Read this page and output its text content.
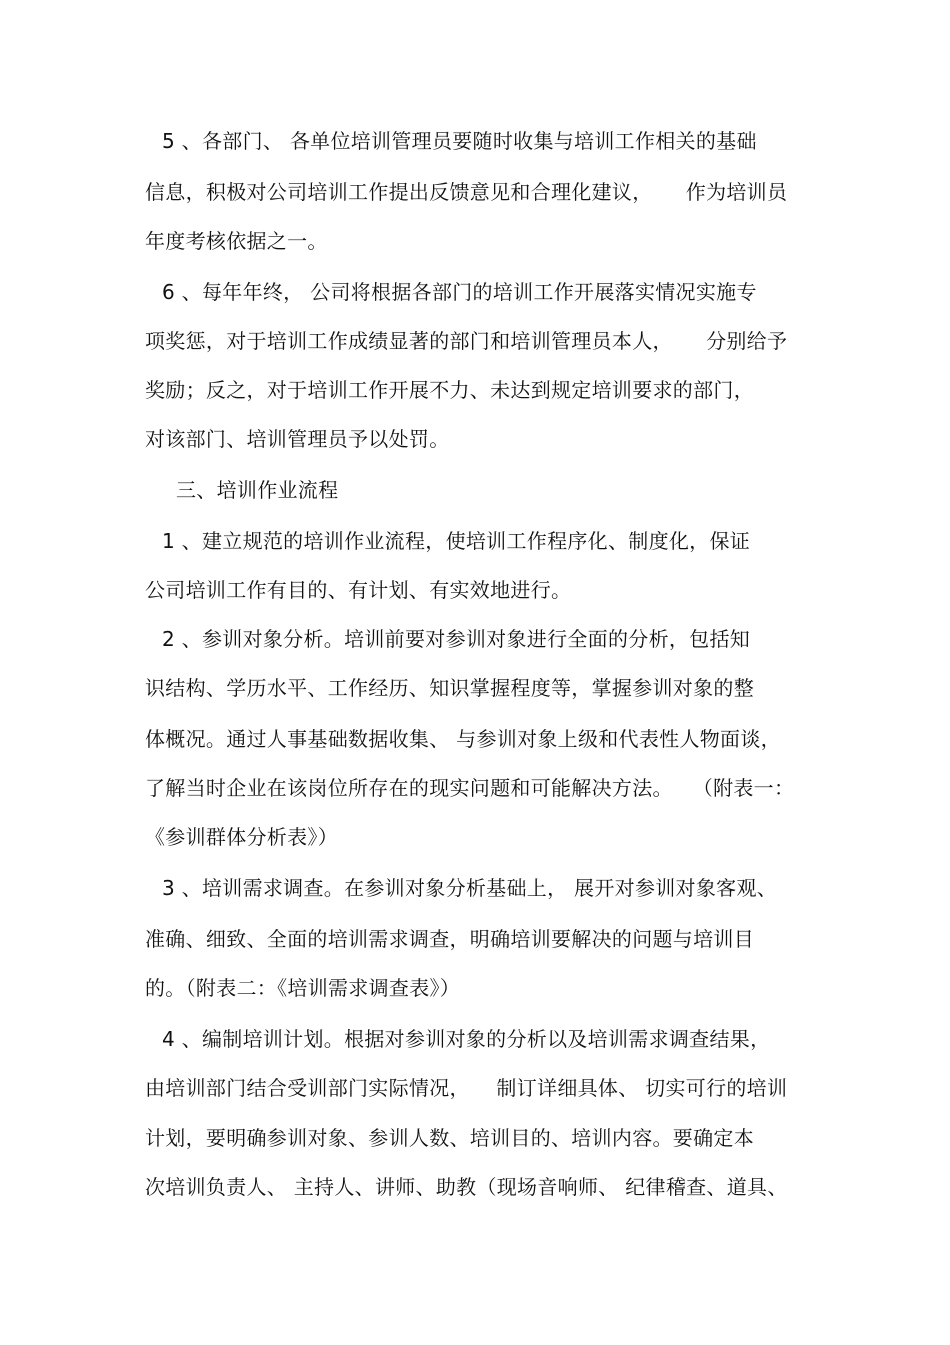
5 、各部门、 各单位培训管理员要随时收集与培训工作相关的基础
信息，积极对公司培训工作提出反馈意见和合理化建议，     作为培训员
年度考核依据之一。
6 、每年年终， 公司将根据各部门的培训工作开展落实情况实施专
项奖惩，对于培训工作成绩显著的部门和培训管理员本人，     分别给予
奖励；反之，对于培训工作开展不力、未达到规定培训要求的部门，
对该部门、培训管理员予以处罚。
三、培训作业流程
1 、建立规范的培训作业流程，使培训工作程序化、制度化，保证
公司培训工作有目的、有计划、有实效地进行。
2 、参训对象分析。培训前要对参训对象进行全面的分析，包括知
识结构、学历水平、工作经历、知识掌握程度等，掌握参训对象的整
体概况。通过人事基础数据收集、 与参训对象上级和代表性人物面谈，
了解当时企业在该岗位所存在的现实问题和可能解决方法。   （附表一：
《参训群体分析表》）
3 、培训需求调查。在参训对象分析基础上， 展开对参训对象客观、
准确、细致、全面的培训需求调查，明确培训要解决的问题与培训目
的。（附表二：《培训需求调查表》）
4 、编制培训计划。根据对参训对象的分析以及培训需求调查结果，
由培训部门结合受训部门实际情况，    制订详细具体、 切实可行的培训
计划，要明确参训对象、参训人数、培训目的、培训内容。要确定本
次培训负责人、 主持人、讲师、助教（现场音响师、 纪律稽查、道具、
